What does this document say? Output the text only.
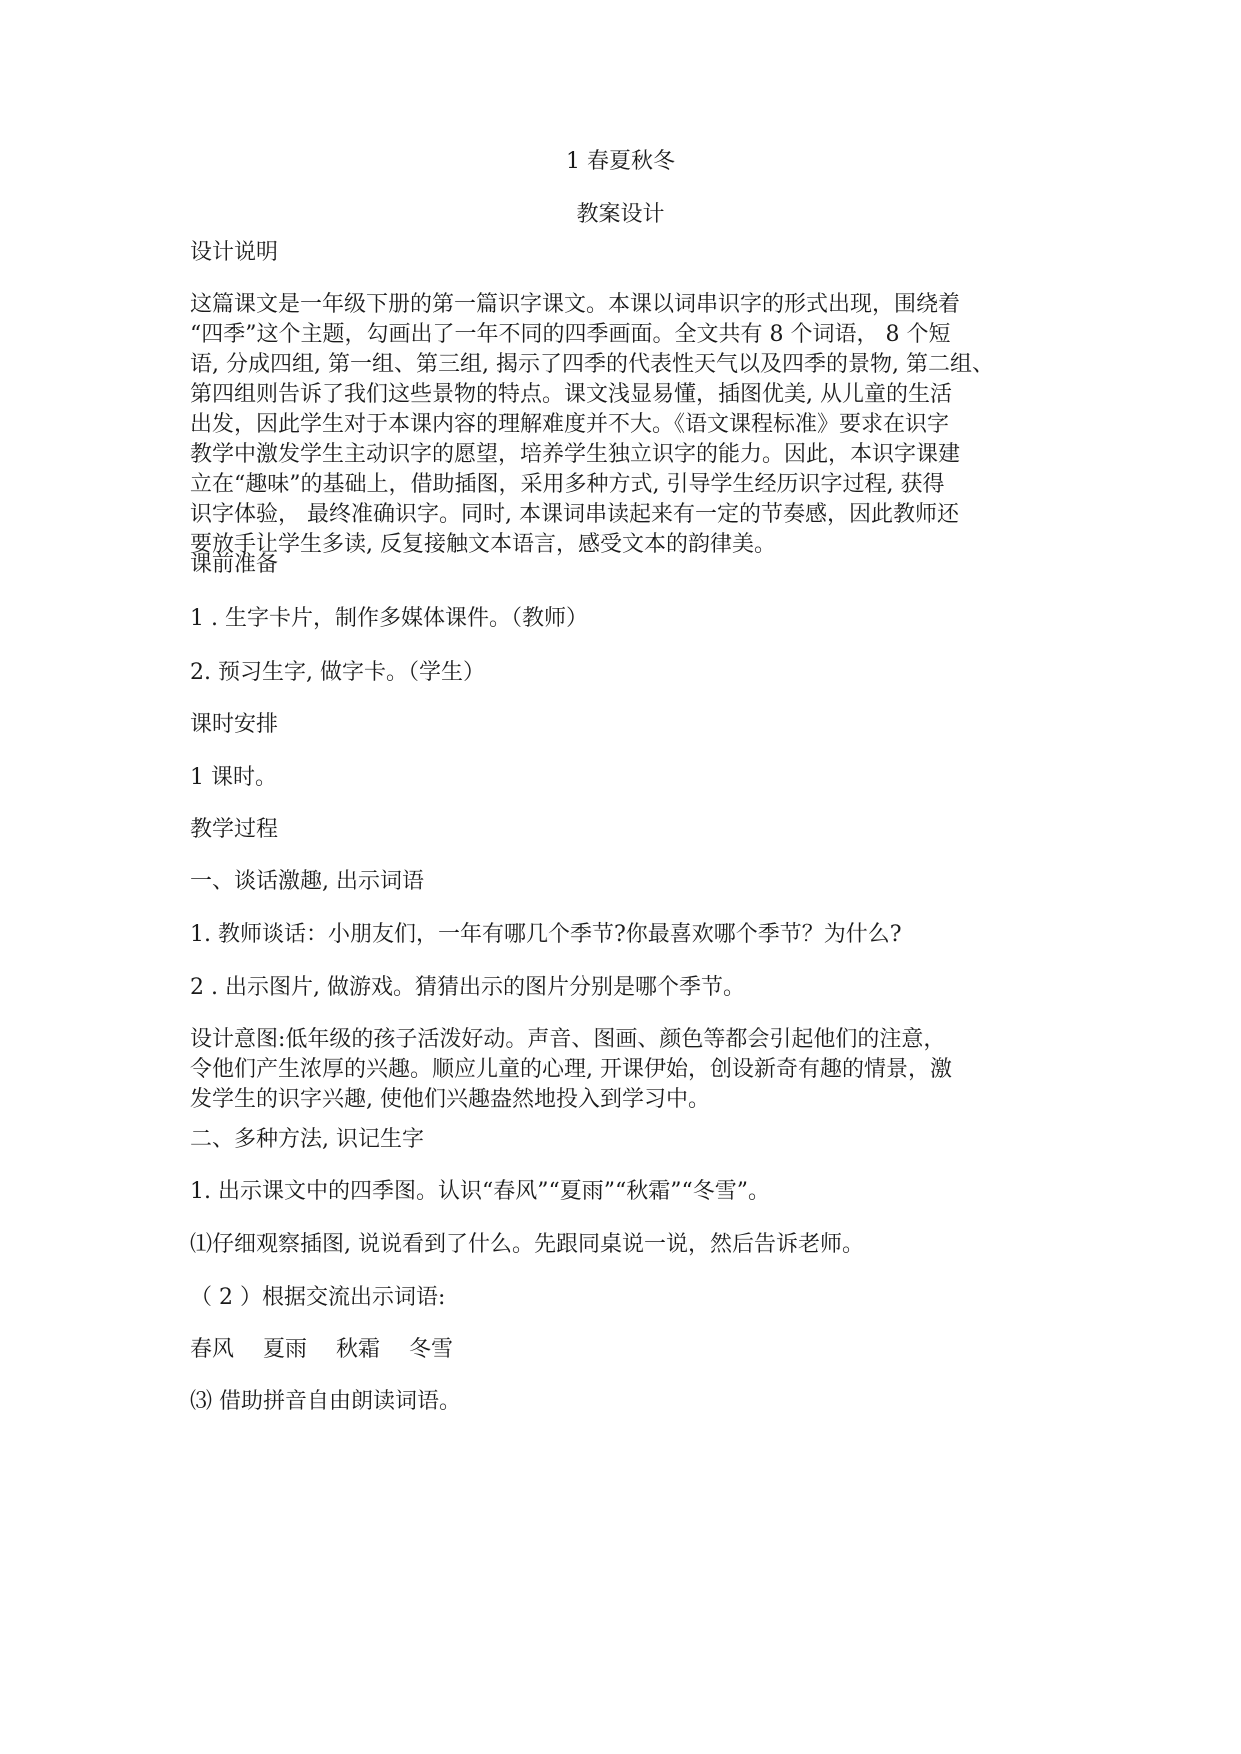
1 春夏秋冬
教案设计
设计说明
这篇课文是一年级下册的第一篇识字课文。本课以词串识字的形式出现，围绕着
“四季”这个主题，勾画出了一年不同的四季画面。全文共有 8 个词语， 8 个短
语, 分成四组, 第一组、第三组, 揭示了四季的代表性天气以及四季的景物, 第二组、
第四组则告诉了我们这些景物的特点。课文浅显易懂，插图优美, 从儿童的生活
出发，因此学生对于本课内容的理解难度并不大。《语文课程标准》要求在识字
教学中激发学生主动识字的愿望，培养学生独立识字的能力。因此，本识字课建
立在“趣味”的基础上，借助插图，采用多种方式, 引导学生经历识字过程, 获得
识字体验， 最终准确识字。同时, 本课词串读起来有一定的节奏感，因此教师还
要放手让学生多读, 反复接触文本语言，感受文本的韵律美。
课前准备
1 . 生字卡片，制作多媒体课件。（教师）
2. 预习生字, 做字卡。（学生）
课时安排
1 课时。
教学过程
一、谈话激趣, 出示词语
1. 教师谈话：小朋友们，一年有哪几个季节?你最喜欢哪个季节？为什么?
2 . 出示图片, 做游戏。猜猜出示的图片分别是哪个季节。
设计意图:低年级的孩子活泼好动。声音、图画、颜色等都会引起他们的注意，
令他们产生浓厚的兴趣。顺应儿童的心理, 开课伊始，创设新奇有趣的情景，激
发学生的识字兴趣, 使他们兴趣盎然地投入到学习中。
二、多种方法, 识记生字
1. 出示课文中的四季图。认识“春风”“夏雨”“秋霜”“冬雪”。
⑴仔细观察插图, 说说看到了什么。先跟同桌说一说，然后告诉老师。
（ 2 ）根据交流出示词语:
春风 夏雨 秋霜 冬雪
⑶ 借助拼音自由朗读词语。
